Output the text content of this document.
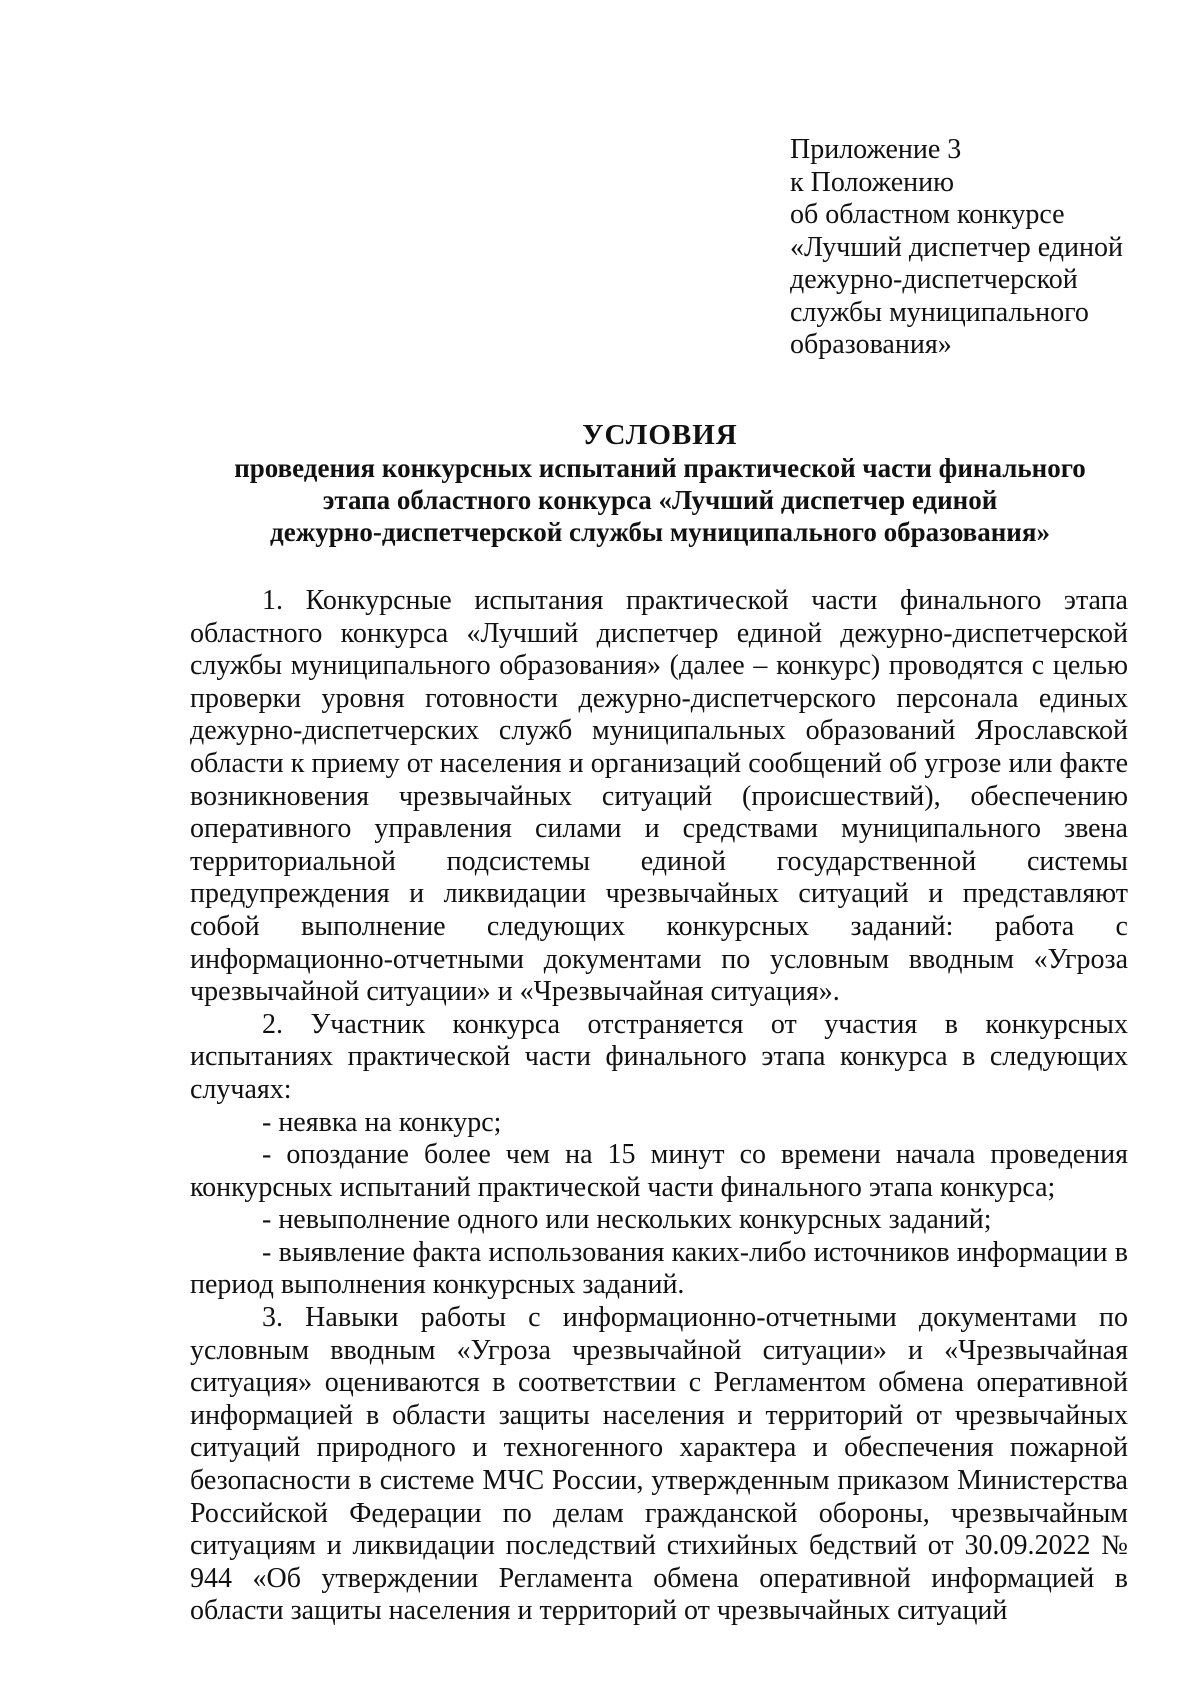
Приложение 3
к Положению
об областном конкурсе
«Лучший диспетчер единой
дежурно-диспетчерской
службы муниципального
образования»
УСЛОВИЯ
проведения конкурсных испытаний практической части финального
этапа областного конкурса «Лучший диспетчер единой
дежурно-диспетчерской службы муниципального образования»

1. Конкурсные испытания практической части финального этапа областного конкурса «Лучший диспетчер единой дежурно-диспетчерской службы муниципального образования» (далее – конкурс) проводятся с целью проверки уровня готовности дежурно-диспетчерского персонала единых дежурно-диспетчерских служб муниципальных образований Ярославской области к приему от населения и организаций сообщений об угрозе или факте возникновения чрезвычайных ситуаций (происшествий), обеспечению оперативного управления силами и средствами муниципального звена территориальной подсистемы единой государственной системы предупреждения и ликвидации чрезвычайных ситуаций и представляют собой выполнение следующих конкурсных заданий: работа с информационно-отчетными документами по условным вводным «Угроза чрезвычайной ситуации» и «Чрезвычайная ситуация».

2. Участник конкурса отстраняется от участия в конкурсных испытаниях практической части финального этапа конкурса в следующих случаях:

- неявка на конкурс;

- опоздание более чем на 15 минут со времени начала проведения конкурсных испытаний практической части финального этапа конкурса;

- невыполнение одного или нескольких конкурсных заданий;

- выявление факта использования каких-либо источников информации в период выполнения конкурсных заданий.

3. Навыки работы с информационно-отчетными документами по условным вводным «Угроза чрезвычайной ситуации» и «Чрезвычайная ситуация» оцениваются в соответствии с Регламентом обмена оперативной информацией в области защиты населения и территорий от чрезвычайных ситуаций природного и техногенного характера и обеспечения пожарной безопасности в системе МЧС России, утвержденным приказом Министерства Российской Федерации по делам гражданской обороны, чрезвычайным ситуациям и ликвидации последствий стихийных бедствий от 30.09.2022 № 944 «Об утверждении Регламента обмена оперативной информацией в области защиты населения и территорий от чрезвычайных ситуаций
